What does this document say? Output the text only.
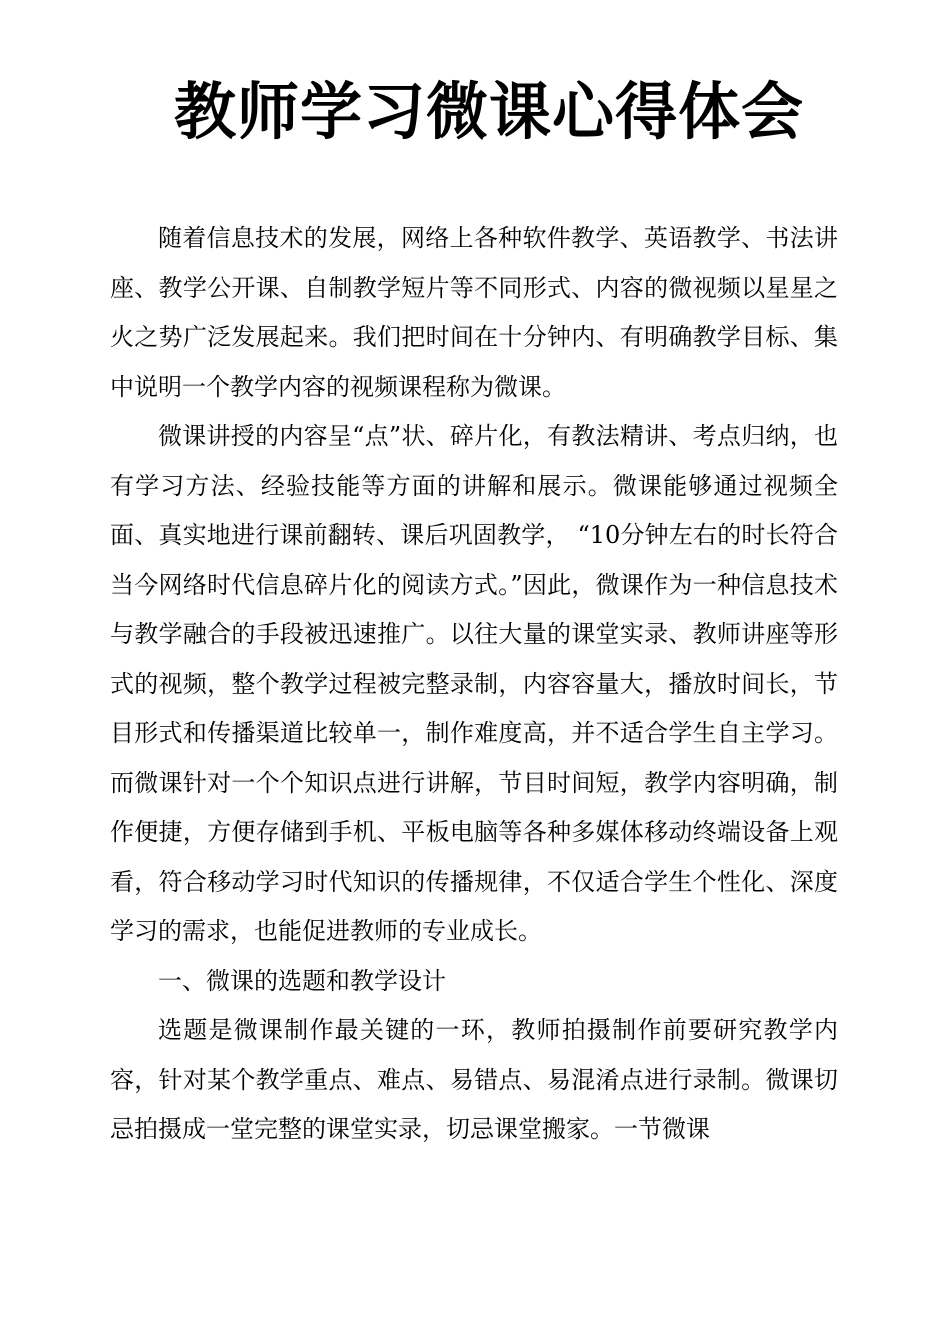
教师学习微课心得体会

随着信息技术的发展，网络上各种软件教学、英语教学、书法讲座、教学公开课、自制教学短片等不同形式、内容的微视频以星星之火之势广泛发展起来。我们把时间在十分钟内、有明确教学目标、集中说明一个教学内容的视频课程称为微课。

微课讲授的内容呈“点”状、碎片化，有教法精讲、考点归纳，也有学习方法、经验技能等方面的讲解和展示。微课能够通过视频全面、真实地进行课前翻转、课后巩固教学， “10分钟左右的时长符合当今网络时代信息碎片化的阅读方式。”因此，微课作为一种信息技术与教学融合的手段被迅速推广。以往大量的课堂实录、教师讲座等形式的视频，整个教学过程被完整录制，内容容量大，播放时间长，节目形式和传播渠道比较单一，制作难度高，并不适合学生自主学习。而微课针对一个个知识点进行讲解，节目时间短，教学内容明确，制作便捷，方便存储到手机、平板电脑等各种多媒体移动终端设备上观看，符合移动学习时代知识的传播规律，不仅适合学生个性化、深度学习的需求，也能促进教师的专业成长。

一、微课的选题和教学设计

选题是微课制作最关键的一环，教师拍摄制作前要研究教学内容，针对某个教学重点、难点、易错点、易混淆点进行录制。微课切忌拍摄成一堂完整的课堂实录，切忌课堂搬家。一节微课
